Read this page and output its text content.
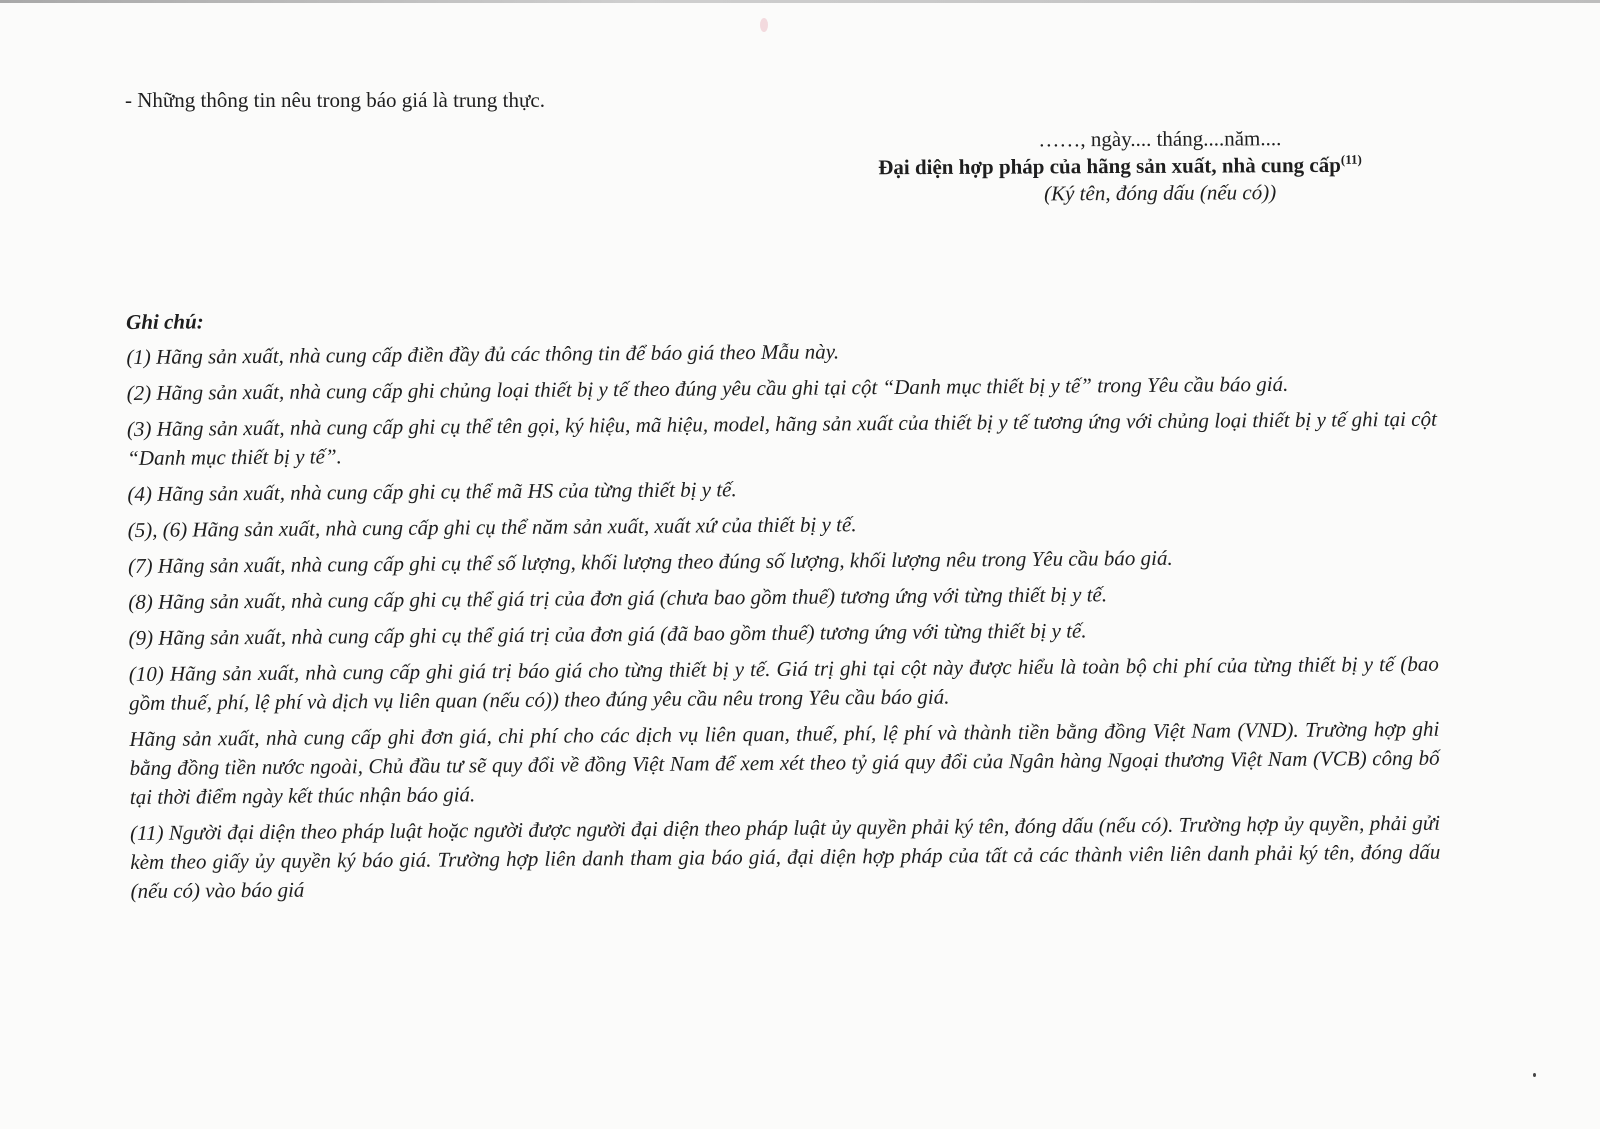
- Những thông tin nêu trong báo giá là trung thực.
……, ngày.... tháng....năm....
Đại diện hợp pháp của hãng sản xuất, nhà cung cấp$^{(11)}$
(Ký tên, đóng dấu (nếu có))

Ghi chú:

(1) Hãng sản xuất, nhà cung cấp điền đầy đủ các thông tin để báo giá theo Mẫu này.

(2) Hãng sản xuất, nhà cung cấp ghi chủng loại thiết bị y tế theo đúng yêu cầu ghi tại cột “Danh mục thiết bị y tế” trong Yêu cầu báo giá.

(3) Hãng sản xuất, nhà cung cấp ghi cụ thể tên gọi, ký hiệu, mã hiệu, model, hãng sản xuất của thiết bị y tế tương ứng với chủng loại thiết bị y tế ghi tại cột “Danh mục thiết bị y tế”.

(4) Hãng sản xuất, nhà cung cấp ghi cụ thể mã HS của từng thiết bị y tế.

(5), (6) Hãng sản xuất, nhà cung cấp ghi cụ thể năm sản xuất, xuất xứ của thiết bị y tế.

(7) Hãng sản xuất, nhà cung cấp ghi cụ thể số lượng, khối lượng theo đúng số lượng, khối lượng nêu trong Yêu cầu báo giá.

(8) Hãng sản xuất, nhà cung cấp ghi cụ thể giá trị của đơn giá (chưa bao gồm thuế) tương ứng với từng thiết bị y tế.

(9) Hãng sản xuất, nhà cung cấp ghi cụ thể giá trị của đơn giá (đã bao gồm thuế) tương ứng với từng thiết bị y tế.

(10) Hãng sản xuất, nhà cung cấp ghi giá trị báo giá cho từng thiết bị y tế. Giá trị ghi tại cột này được hiểu là toàn bộ chi phí của từng thiết bị y tế (bao gồm thuế, phí, lệ phí và dịch vụ liên quan (nếu có)) theo đúng yêu cầu nêu trong Yêu cầu báo giá.

Hãng sản xuất, nhà cung cấp ghi đơn giá, chi phí cho các dịch vụ liên quan, thuế, phí, lệ phí và thành tiền bằng đồng Việt Nam (VND). Trường hợp ghi bằng đồng tiền nước ngoài, Chủ đầu tư sẽ quy đổi về đồng Việt Nam để xem xét theo tỷ giá quy đổi của Ngân hàng Ngoại thương Việt Nam (VCB) công bố tại thời điểm ngày kết thúc nhận báo giá.

(11) Người đại diện theo pháp luật hoặc người được người đại diện theo pháp luật ủy quyền phải ký tên, đóng dấu (nếu có). Trường hợp ủy quyền, phải gửi kèm theo giấy ủy quyền ký báo giá. Trường hợp liên danh tham gia báo giá, đại diện hợp pháp của tất cả các thành viên liên danh phải ký tên, đóng dấu (nếu có) vào báo giá
